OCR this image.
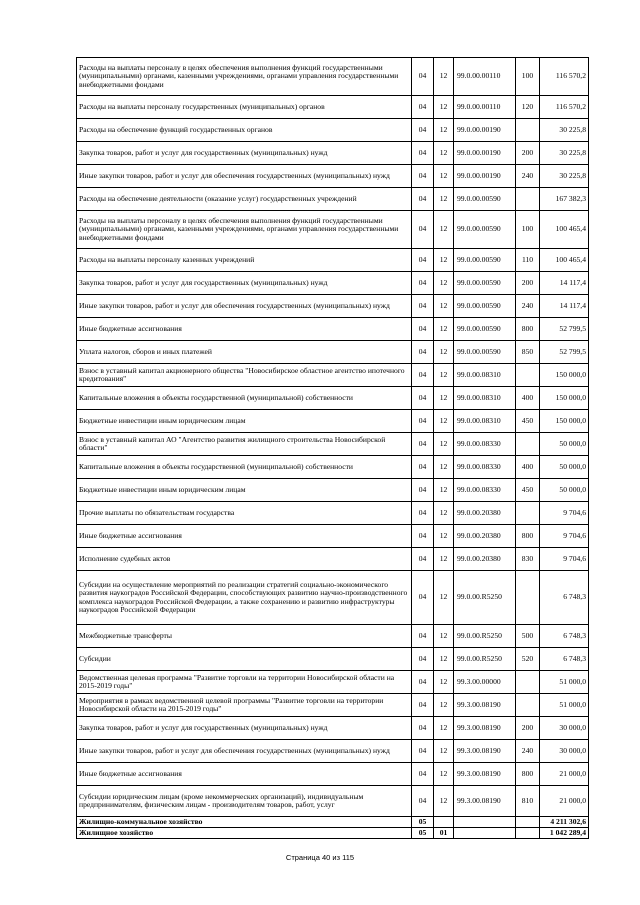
Расходы на выплаты персоналу в целях обеспечения выполнения функций государственными (муниципальными) органами, казенными учреждениями, органами управления государственными внебюджетными фондами	04	12	99.0.00.00110	100	116 570,2
Расходы на выплаты персоналу государственных (муниципальных) органов	04	12	99.0.00.00110	120	116 570,2
Расходы на обеспечение функций государственных органов	04	12	99.0.00.00190		30 225,8
Закупка товаров, работ и услуг для государственных (муниципальных) нужд	04	12	99.0.00.00190	200	30 225,8
Иные закупки товаров, работ и услуг для обеспечения государственных (муниципальных) нужд	04	12	99.0.00.00190	240	30 225,8
Расходы на обеспечение деятельности (оказание услуг) государственных учреждений	04	12	99.0.00.00590		167 382,3
Расходы на выплаты персоналу в целях обеспечения выполнения функций государственными (муниципальными) органами, казенными учреждениями, органами управления государственными внебюджетными фондами	04	12	99.0.00.00590	100	100 465,4
Расходы на выплаты персоналу казенных учреждений	04	12	99.0.00.00590	110	100 465,4
Закупка товаров, работ и услуг для государственных (муниципальных) нужд	04	12	99.0.00.00590	200	14 117,4
Иные закупки товаров, работ и услуг для обеспечения государственных (муниципальных) нужд	04	12	99.0.00.00590	240	14 117,4
Иные бюджетные ассигнования	04	12	99.0.00.00590	800	52 799,5
Уплата налогов, сборов и иных платежей	04	12	99.0.00.00590	850	52 799,5
Взнос в уставный капитал акционерного общества "Новосибирское областное агентство ипотечного кредитования"	04	12	99.0.00.08310		150 000,0
Капитальные вложения в объекты государственной (муниципальной) собственности	04	12	99.0.00.08310	400	150 000,0
Бюджетные инвестиции иным юридическим лицам	04	12	99.0.00.08310	450	150 000,0
Взнос в уставный капитал АО "Агентство развития жилищного строительства Новосибирской области"	04	12	99.0.00.08330		50 000,0
Капитальные вложения в объекты государственной (муниципальной) собственности	04	12	99.0.00.08330	400	50 000,0
Бюджетные инвестиции иным юридическим лицам	04	12	99.0.00.08330	450	50 000,0
Прочие выплаты по обязательствам государства	04	12	99.0.00.20380		9 704,6
Иные бюджетные ассигнования	04	12	99.0.00.20380	800	9 704,6
Исполнение судебных актов	04	12	99.0.00.20380	830	9 704,6
Субсидии на осуществление мероприятий по реализации стратегий социально-экономического развития наукоградов Российской Федерации, способствующих развитию научно-производственного комплекса наукоградов Российской Федерации, а также сохранению и развитию инфраструктуры наукоградов Российской Федерации	04	12	99.0.00.R5250		6 748,3
Межбюджетные трансферты	04	12	99.0.00.R5250	500	6 748,3
Субсидии	04	12	99.0.00.R5250	520	6 748,3
Ведомственная целевая программа "Развитие торговли на территории Новосибирской области на 2015-2019 годы"	04	12	99.3.00.00000		51 000,0
Мероприятия в рамках ведомственной целевой программы "Развитие торговли на территории Новосибирской области на 2015-2019 годы"	04	12	99.3.00.08190		51 000,0
Закупка товаров, работ и услуг для государственных (муниципальных) нужд	04	12	99.3.00.08190	200	30 000,0
Иные закупки товаров, работ и услуг для обеспечения государственных (муниципальных) нужд	04	12	99.3.00.08190	240	30 000,0
Иные бюджетные ассигнования	04	12	99.3.00.08190	800	21 000,0
Субсидии юридическим лицам (кроме некоммерческих организаций), индивидуальным предпринимателям, физическим лицам - производителям товаров, работ, услуг	04	12	99.3.00.08190	810	21 000,0
Жилищно-коммунальное хозяйство	05				4 211 302,6
Жилищное хозяйство	05	01			1 042 289,4
Страница 40 из 115
